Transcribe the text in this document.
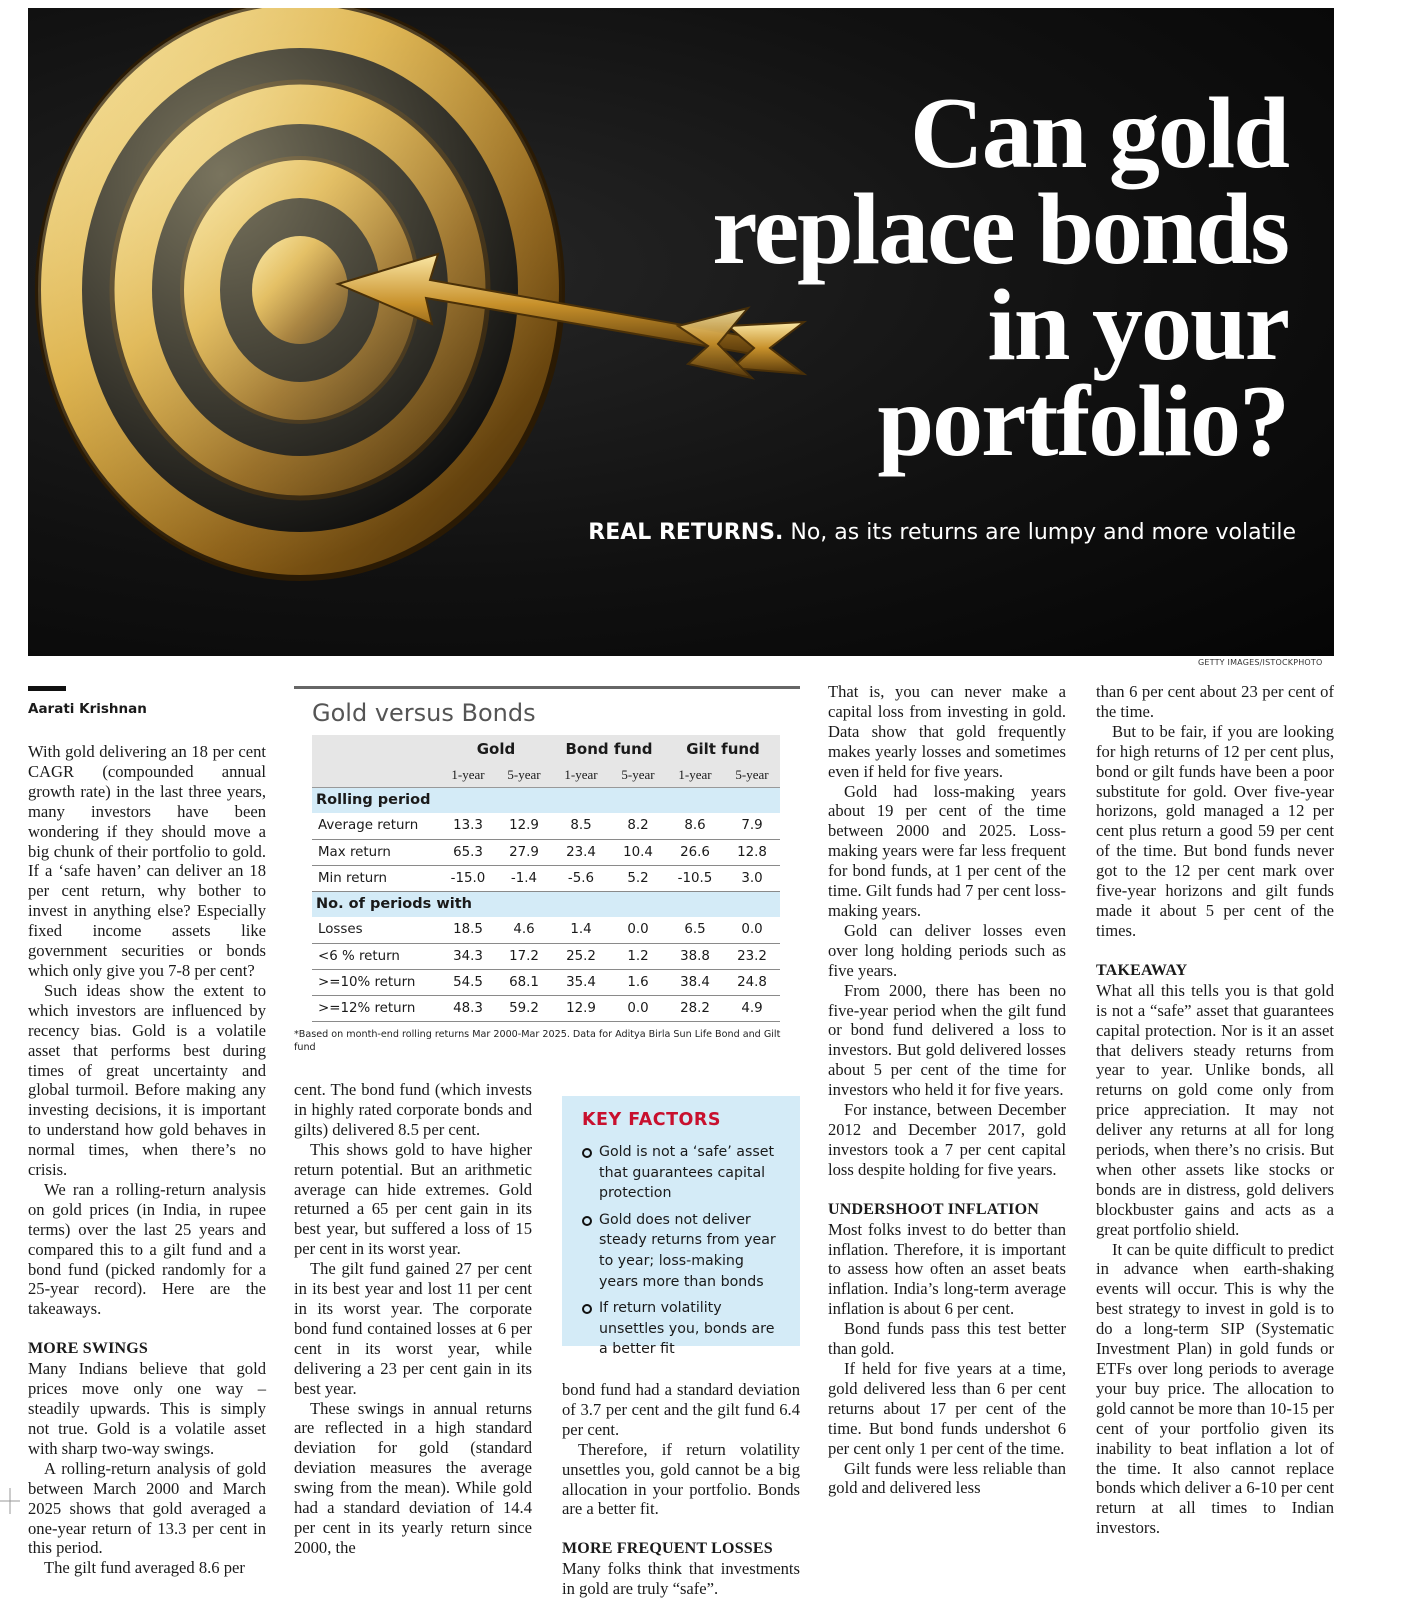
Can gold
replace bonds
in your
portfolio?
REAL RETURNS. No, as its returns are lumpy and more volatile
GETTY IMAGES/ISTOCKPHOTO
Aarati Krishnan

With gold delivering an 18 per cent CAGR (compounded annual growth rate) in the last three years, many investors have been wondering if they should move a big chunk of their portfolio to gold. If a ‘safe haven’ can deliver an 18 per cent return, why bother to invest in anything else? Especially fixed income assets like government securities or bonds which only give you 7-8 per cent?

Such ideas show the extent to which investors are influenced by recency bias. Gold is a volatile asset that performs best during times of great uncertainty and global turmoil. Before making any investing decisions, it is important to understand how gold behaves in normal times, when there’s no crisis.

We ran a rolling-return analysis on gold prices (in India, in rupee terms) over the last 25 years and compared this to a gilt fund and a bond fund (picked randomly for a 25-year record). Here are the takeaways.

MORE SWINGS

Many Indians believe that gold prices move only one way – steadily upwards. This is simply not true. Gold is a volatile asset with sharp two-way swings.

A rolling-return analysis of gold between March 2000 and March 2025 shows that gold averaged a one-year return of 13.3 per cent in this period.

The gilt fund averaged 8.6 per

Gold versus Bonds
	Gold		Bond fund		Gilt fund	
	1-year	5-year	1-year	5-year	1-year	5-year
Rolling period						
Average return	13.3	12.9	8.5	8.2	8.6	7.9
Max return	65.3	27.9	23.4	10.4	26.6	12.8
Min return	-15.0	-1.4	-5.6	5.2	-10.5	3.0
No. of periods with						
Losses	18.5	4.6	1.4	0.0	6.5	0.0
<6 % return	34.3	17.2	25.2	1.2	38.8	23.2
>=10% return	54.5	68.1	35.4	1.6	38.4	24.8
>=12% return	48.3	59.2	12.9	0.0	28.2	4.9
*Based on month-end rolling returns Mar 2000-Mar 2025. Data for Aditya Birla Sun Life Bond and Gilt fund

cent. The bond fund (which invests in highly rated corporate bonds and gilts) delivered 8.5 per cent.

This shows gold to have higher return potential. But an arithmetic average can hide extremes. Gold returned a 65 per cent gain in its best year, but suffered a loss of 15 per cent in its worst year.

The gilt fund gained 27 per cent in its best year and lost 11 per cent in its worst year. The corporate bond fund contained losses at 6 per cent in its worst year, while delivering a 23 per cent gain in its best year.

These swings in annual returns are reflected in a high standard deviation for gold (standard deviation measures the average swing from the mean). While gold had a standard deviation of 14.4 per cent in its yearly return since 2000, the

KEY FACTORS
Gold is not a ‘safe’ asset that guarantees capital protection
Gold does not deliver steady returns from year to year; loss-making years more than bonds
If return volatility unsettles you, bonds are a better fit

bond fund had a standard deviation of 3.7 per cent and the gilt fund 6.4 per cent.

Therefore, if return volatility unsettles you, gold cannot be a big allocation in your portfolio. Bonds are a better fit.

MORE FREQUENT LOSSES

Many folks think that investments in gold are truly “safe”.

That is, you can never make a capital loss from investing in gold. Data show that gold frequently makes yearly losses and sometimes even if held for five years.

Gold had loss-making years about 19 per cent of the time between 2000 and 2025. Loss-making years were far less frequent for bond funds, at 1 per cent of the time. Gilt funds had 7 per cent loss-making years.

Gold can deliver losses even over long holding periods such as five years.

From 2000, there has been no five-year period when the gilt fund or bond fund delivered a loss to investors. But gold delivered losses about 5 per cent of the time for investors who held it for five years.

For instance, between December 2012 and December 2017, gold investors took a 7 per cent capital loss despite holding for five years.

UNDERSHOOT INFLATION

Most folks invest to do better than inflation. Therefore, it is important to assess how often an asset beats inflation. India’s long-term average inflation is about 6 per cent.

Bond funds pass this test better than gold.

If held for five years at a time, gold delivered less than 6 per cent returns about 17 per cent of the time. But bond funds undershot 6 per cent only 1 per cent of the time.

Gilt funds were less reliable than gold and delivered less

than 6 per cent about 23 per cent of the time.

But to be fair, if you are looking for high returns of 12 per cent plus, bond or gilt funds have been a poor substitute for gold. Over five-year horizons, gold managed a 12 per cent plus return a good 59 per cent of the time. But bond funds never got to the 12 per cent mark over five-year horizons and gilt funds made it about 5 per cent of the times.

TAKEAWAY

What all this tells you is that gold is not a “safe” asset that guarantees capital protection. Nor is it an asset that delivers steady returns from year to year. Unlike bonds, all returns on gold come only from price appreciation. It may not deliver any returns at all for long periods, when there’s no crisis. But when other assets like stocks or bonds are in distress, gold delivers blockbuster gains and acts as a great portfolio shield.

It can be quite difficult to predict in advance when earth-shaking events will occur. This is why the best strategy to invest in gold is to do a long-term SIP (Systematic Investment Plan) in gold funds or ETFs over long periods to average your buy price. The allocation to gold cannot be more than 10-15 per cent of your portfolio given its inability to beat inflation a lot of the time. It also cannot replace bonds which deliver a 6-10 per cent return at all times to Indian investors.
